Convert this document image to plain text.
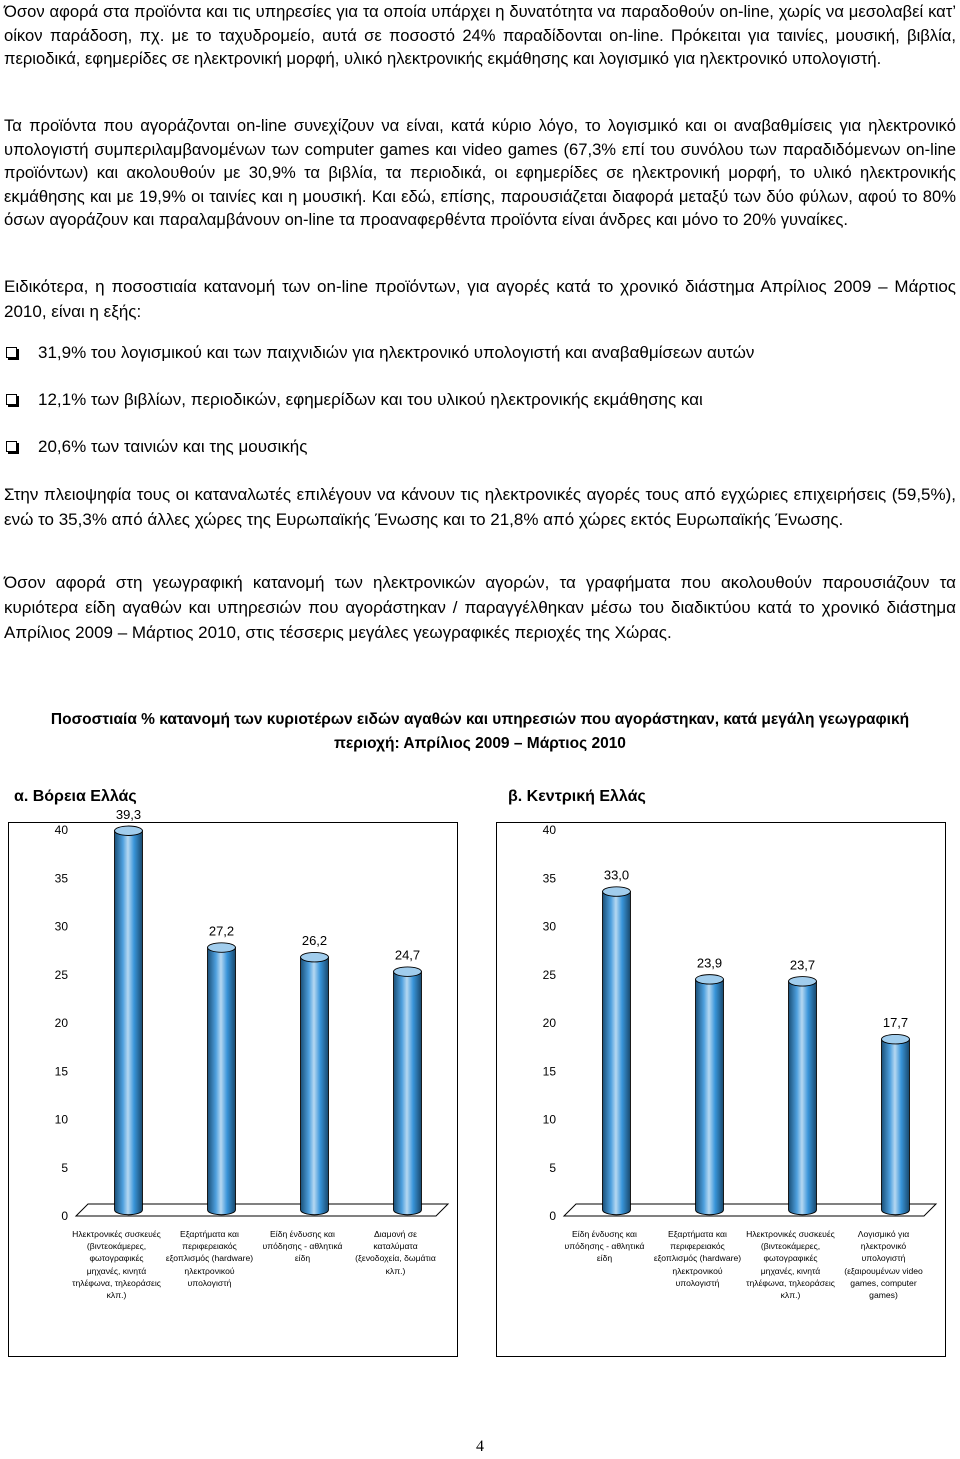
Όσον αφορά στα προϊόντα και τις υπηρεσίες για τα οποία υπάρχει η δυνατότητα να παραδοθούν on-line, χωρίς να μεσολαβεί κατ’ οίκον παράδοση, πχ. με το ταχυδρομείο, αυτά σε ποσοστό 24% παραδίδονται on-line. Πρόκειται για ταινίες, μουσική, βιβλία, περιοδικά, εφημερίδες σε ηλεκτρονική μορφή, υλικό ηλεκτρονικής εκμάθησης και λογισμικό για ηλεκτρονικό υπολογιστή.

Τα προϊόντα που αγοράζονται on-line συνεχίζουν να είναι, κατά κύριο λόγο, το λογισμικό και οι αναβαθμίσεις για ηλεκτρονικό υπολογιστή συμπεριλαμβανομένων των computer games και video games (67,3% επί του συνόλου των παραδιδόμενων on-line προϊόντων) και ακολουθούν με 30,9% τα βιβλία, τα περιοδικά, οι εφημερίδες σε ηλεκτρονική μορφή, το υλικό ηλεκτρονικής εκμάθησης και με 19,9% οι ταινίες και η μουσική. Και εδώ, επίσης, παρουσιάζεται διαφορά μεταξύ των δύο φύλων, αφού το 80% όσων αγοράζουν και παραλαμβάνουν on-line τα προαναφερθέντα προϊόντα είναι άνδρες και μόνο το 20% γυναίκες.

Ειδικότερα, η ποσοστιαία κατανομή των on-line προϊόντων, για αγορές κατά το χρονικό διάστημα Απρίλιος 2009 – Μάρτιος 2010, είναι η εξής:

31,9% του λογισμικού και των παιχνιδιών για ηλεκτρονικό υπολογιστή και αναβαθμίσεων αυτών
12,1% των βιβλίων, περιοδικών, εφημερίδων και του υλικού ηλεκτρονικής εκμάθησης και
20,6% των ταινιών και της μουσικής

Στην πλειοψηφία τους οι καταναλωτές επιλέγουν να κάνουν τις ηλεκτρονικές αγορές τους από εγχώριες επιχειρήσεις (59,5%), ενώ το 35,3% από άλλες χώρες της Ευρωπαϊκής Ένωσης και το 21,8% από χώρες εκτός Ευρωπαϊκής Ένωσης.

Όσον αφορά στη γεωγραφική κατανομή των ηλεκτρονικών αγορών, τα γραφήματα που ακολουθούν παρουσιάζουν τα κυριότερα είδη αγαθών και υπηρεσιών που αγοράστηκαν / παραγγέλθηκαν μέσω του διαδικτύου κατά το χρονικό διάστημα Απρίλιος 2009 – Μάρτιος 2010, στις τέσσερις μεγάλες γεωγραφικές περιοχές της Χώρας.

Ποσοστιαία % κατανομή των κυριοτέρων ειδών αγαθών και υπηρεσιών που αγοράστηκαν, κατά μεγάλη γεωγραφική περιοχή: Απρίλιος 2009 – Μάρτιος 2010

α. Βόρεια Ελλάς	β. Κεντρική Ελλάς

0
5
10
15
20
25
30
35
40
39,3
27,2
26,2
24,7
Ηλεκτρονικές συσκευές (βιντεοκάμερες, φωτογραφικές μηχανές, κινητά τηλέφωνα, τηλεοράσεις κλπ.)
Εξαρτήματα και περιφερειακός εξοπλισμός (hardware) ηλεκτρονικού υπολογιστή
Είδη ένδυσης και υπόδησης - αθλητικά είδη
Διαμονή σε καταλύματα (ξενοδοχεία, δωμάτια κλπ.)
0
5
10
15
20
25
30
35
40
33,0
23,9	23,7
17,7
Είδη ένδυσης και υπόδησης - αθλητικά είδη
Εξαρτήματα και περιφερειακός εξοπλισμός (hardware) ηλεκτρονικού υπολογιστή
Ηλεκτρονικές συσκευές (βιντεοκάμερες, φωτογραφικές μηχανές, κινητά τηλέφωνα, τηλεοράσεις κλπ.)
Λογισμικό για ηλεκτρονικό υπολογιστή (εξαιρουμένων video games, computer games)

4
